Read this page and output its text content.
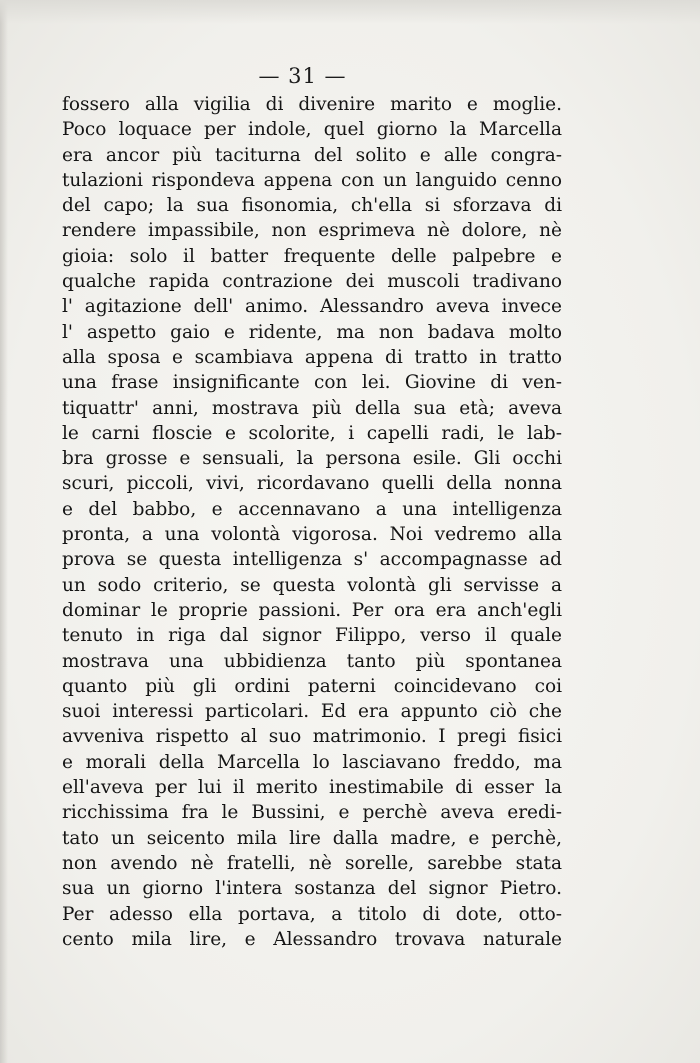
— 31 —
fossero alla vigilia di divenire marito e moglie.
Poco loquace per indole, quel giorno la Marcella
era ancor più taciturna del solito e alle congra-
tulazioni rispondeva appena con un languido cenno
del capo; la sua fisonomia, ch'ella si sforzava di
rendere impassibile, non esprimeva nè dolore, nè
gioia: solo il batter frequente delle palpebre e
qualche rapida contrazione dei muscoli tradivano
l' agitazione dell' animo. Alessandro aveva invece
l' aspetto gaio e ridente, ma non badava molto
alla sposa e scambiava appena di tratto in tratto
una frase insignificante con lei. Giovine di ven-
tiquattr' anni, mostrava più della sua età; aveva
le carni floscie e scolorite, i capelli radi, le lab-
bra grosse e sensuali, la persona esile. Gli occhi
scuri, piccoli, vivi, ricordavano quelli della nonna
e del babbo, e accennavano a una intelligenza
pronta, a una volontà vigorosa. Noi vedremo alla
prova se questa intelligenza s' accompagnasse ad
un sodo criterio, se questa volontà gli servisse a
dominar le proprie passioni. Per ora era anch'egli
tenuto in riga dal signor Filippo, verso il quale
mostrava una ubbidienza tanto più spontanea
quanto più gli ordini paterni coincidevano coi
suoi interessi particolari. Ed era appunto ciò che
avveniva rispetto al suo matrimonio. I pregi fisici
e morali della Marcella lo lasciavano freddo, ma
ell'aveva per lui il merito inestimabile di esser la
ricchissima fra le Bussini, e perchè aveva eredi-
tato un seicento mila lire dalla madre, e perchè,
non avendo nè fratelli, nè sorelle, sarebbe stata
sua un giorno l'intera sostanza del signor Pietro.
Per adesso ella portava, a titolo di dote, otto-
cento mila lire, e Alessandro trovava naturale
